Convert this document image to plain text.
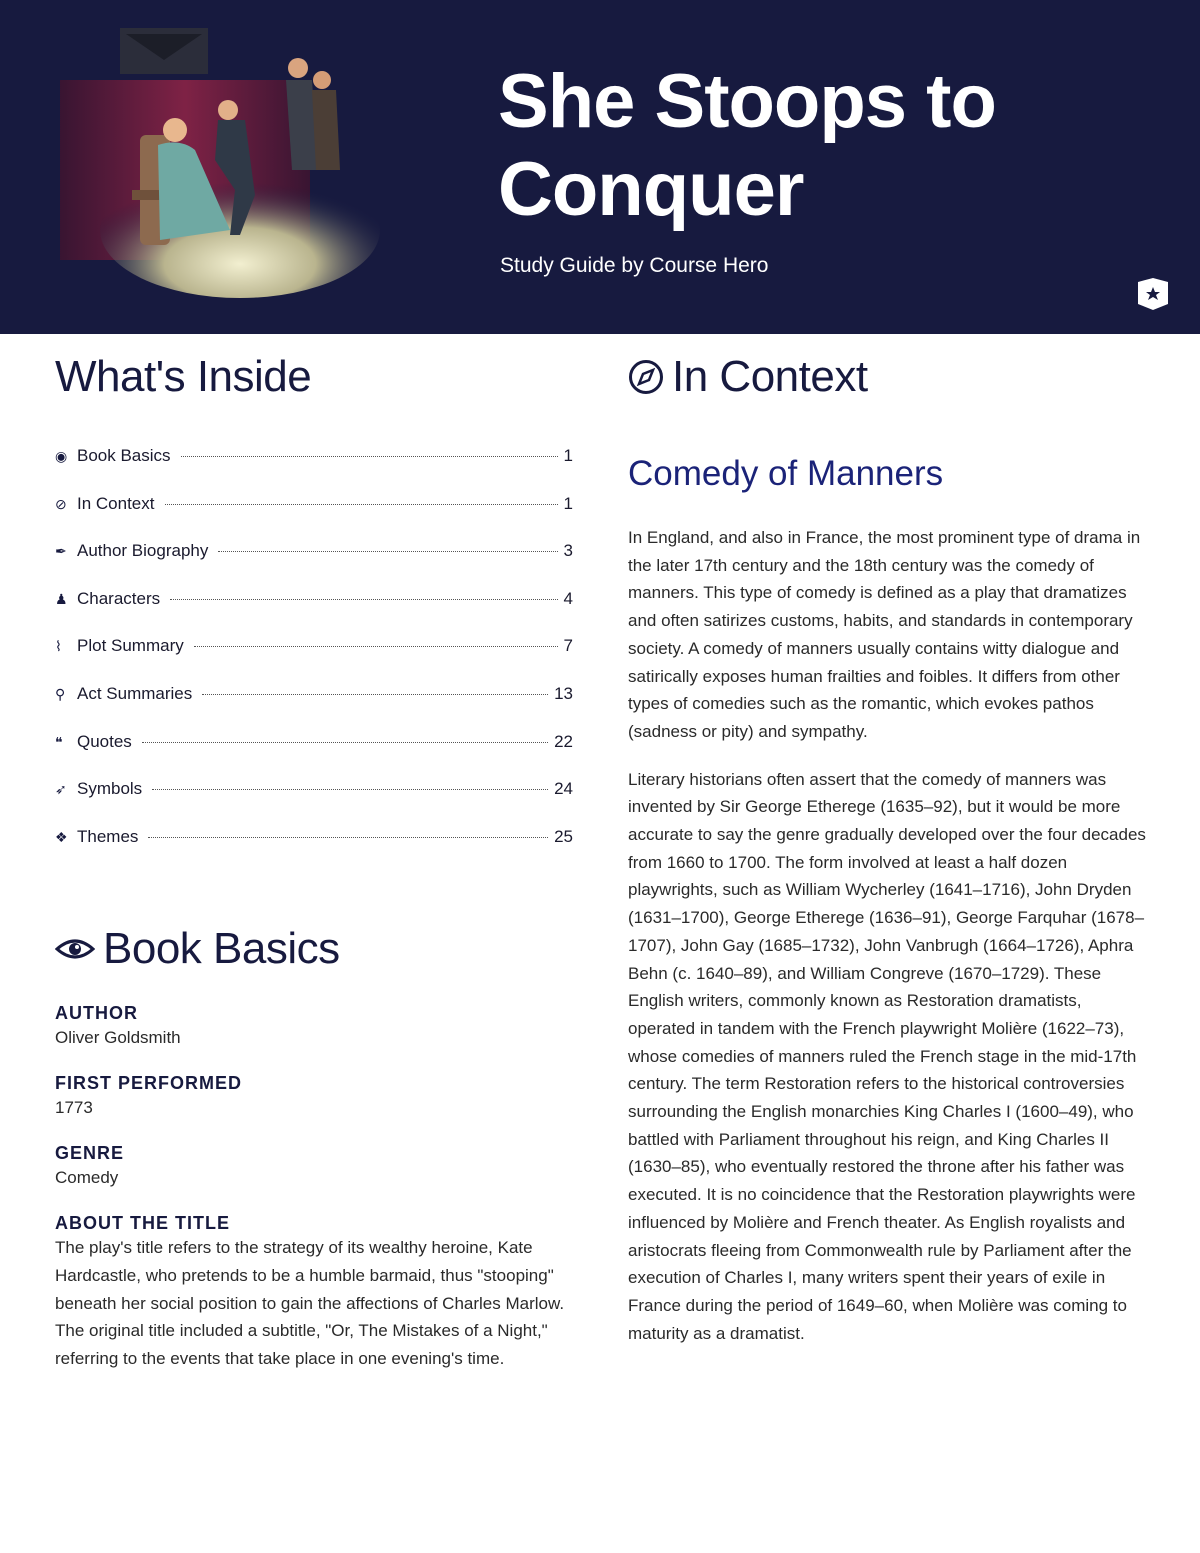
She Stoops to
Conquer
Study Guide by Course Hero
What's Inside
◉ Book Basics	1
⊘ In Context	1
✒ Author Biography	3
♟ Characters	4
⌇ Plot Summary	7
⚲ Act Summaries	13
❝ Quotes	22
➶ Symbols	24
❖ Themes	25
Book Basics
AUTHOR
Oliver Goldsmith
FIRST PERFORMED
1773
GENRE
Comedy
ABOUT THE TITLE
The play's title refers to the strategy of its wealthy heroine, Kate Hardcastle, who pretends to be a humble barmaid, thus "stooping" beneath her social position to gain the affections of Charles Marlow. The original title included a subtitle, "Or, The Mistakes of a Night," referring to the events that take place in one evening's time.
In Context
Comedy of Manners

In England, and also in France, the most prominent type of drama in the later 17th century and the 18th century was the comedy of manners. This type of comedy is defined as a play that dramatizes and often satirizes customs, habits, and standards in contemporary society. A comedy of manners usually contains witty dialogue and satirically exposes human frailties and foibles. It differs from other types of comedies such as the romantic, which evokes pathos (sadness or pity) and sympathy.

Literary historians often assert that the comedy of manners was invented by Sir George Etherege (1635–92), but it would be more accurate to say the genre gradually developed over the four decades from 1660 to 1700. The form involved at least a half dozen playwrights, such as William Wycherley (1641–1716), John Dryden (1631–1700), George Etherege (1636–91), George Farquhar (1678–1707), John Gay (1685–1732), John Vanbrugh (1664–1726), Aphra Behn (c. 1640–89), and William Congreve (1670–1729). These English writers, commonly known as Restoration dramatists, operated in tandem with the French playwright Molière (1622–73), whose comedies of manners ruled the French stage in the mid-17th century. The term Restoration refers to the historical controversies surrounding the English monarchies King Charles I (1600–49), who battled with Parliament throughout his reign, and King Charles II (1630–85), who eventually restored the throne after his father was executed. It is no coincidence that the Restoration playwrights were influenced by Molière and French theater. As English royalists and aristocrats fleeing from Commonwealth rule by Parliament after the execution of Charles I, many writers spent their years of exile in France during the period of 1649–60, when Molière was coming to maturity as a dramatist.
